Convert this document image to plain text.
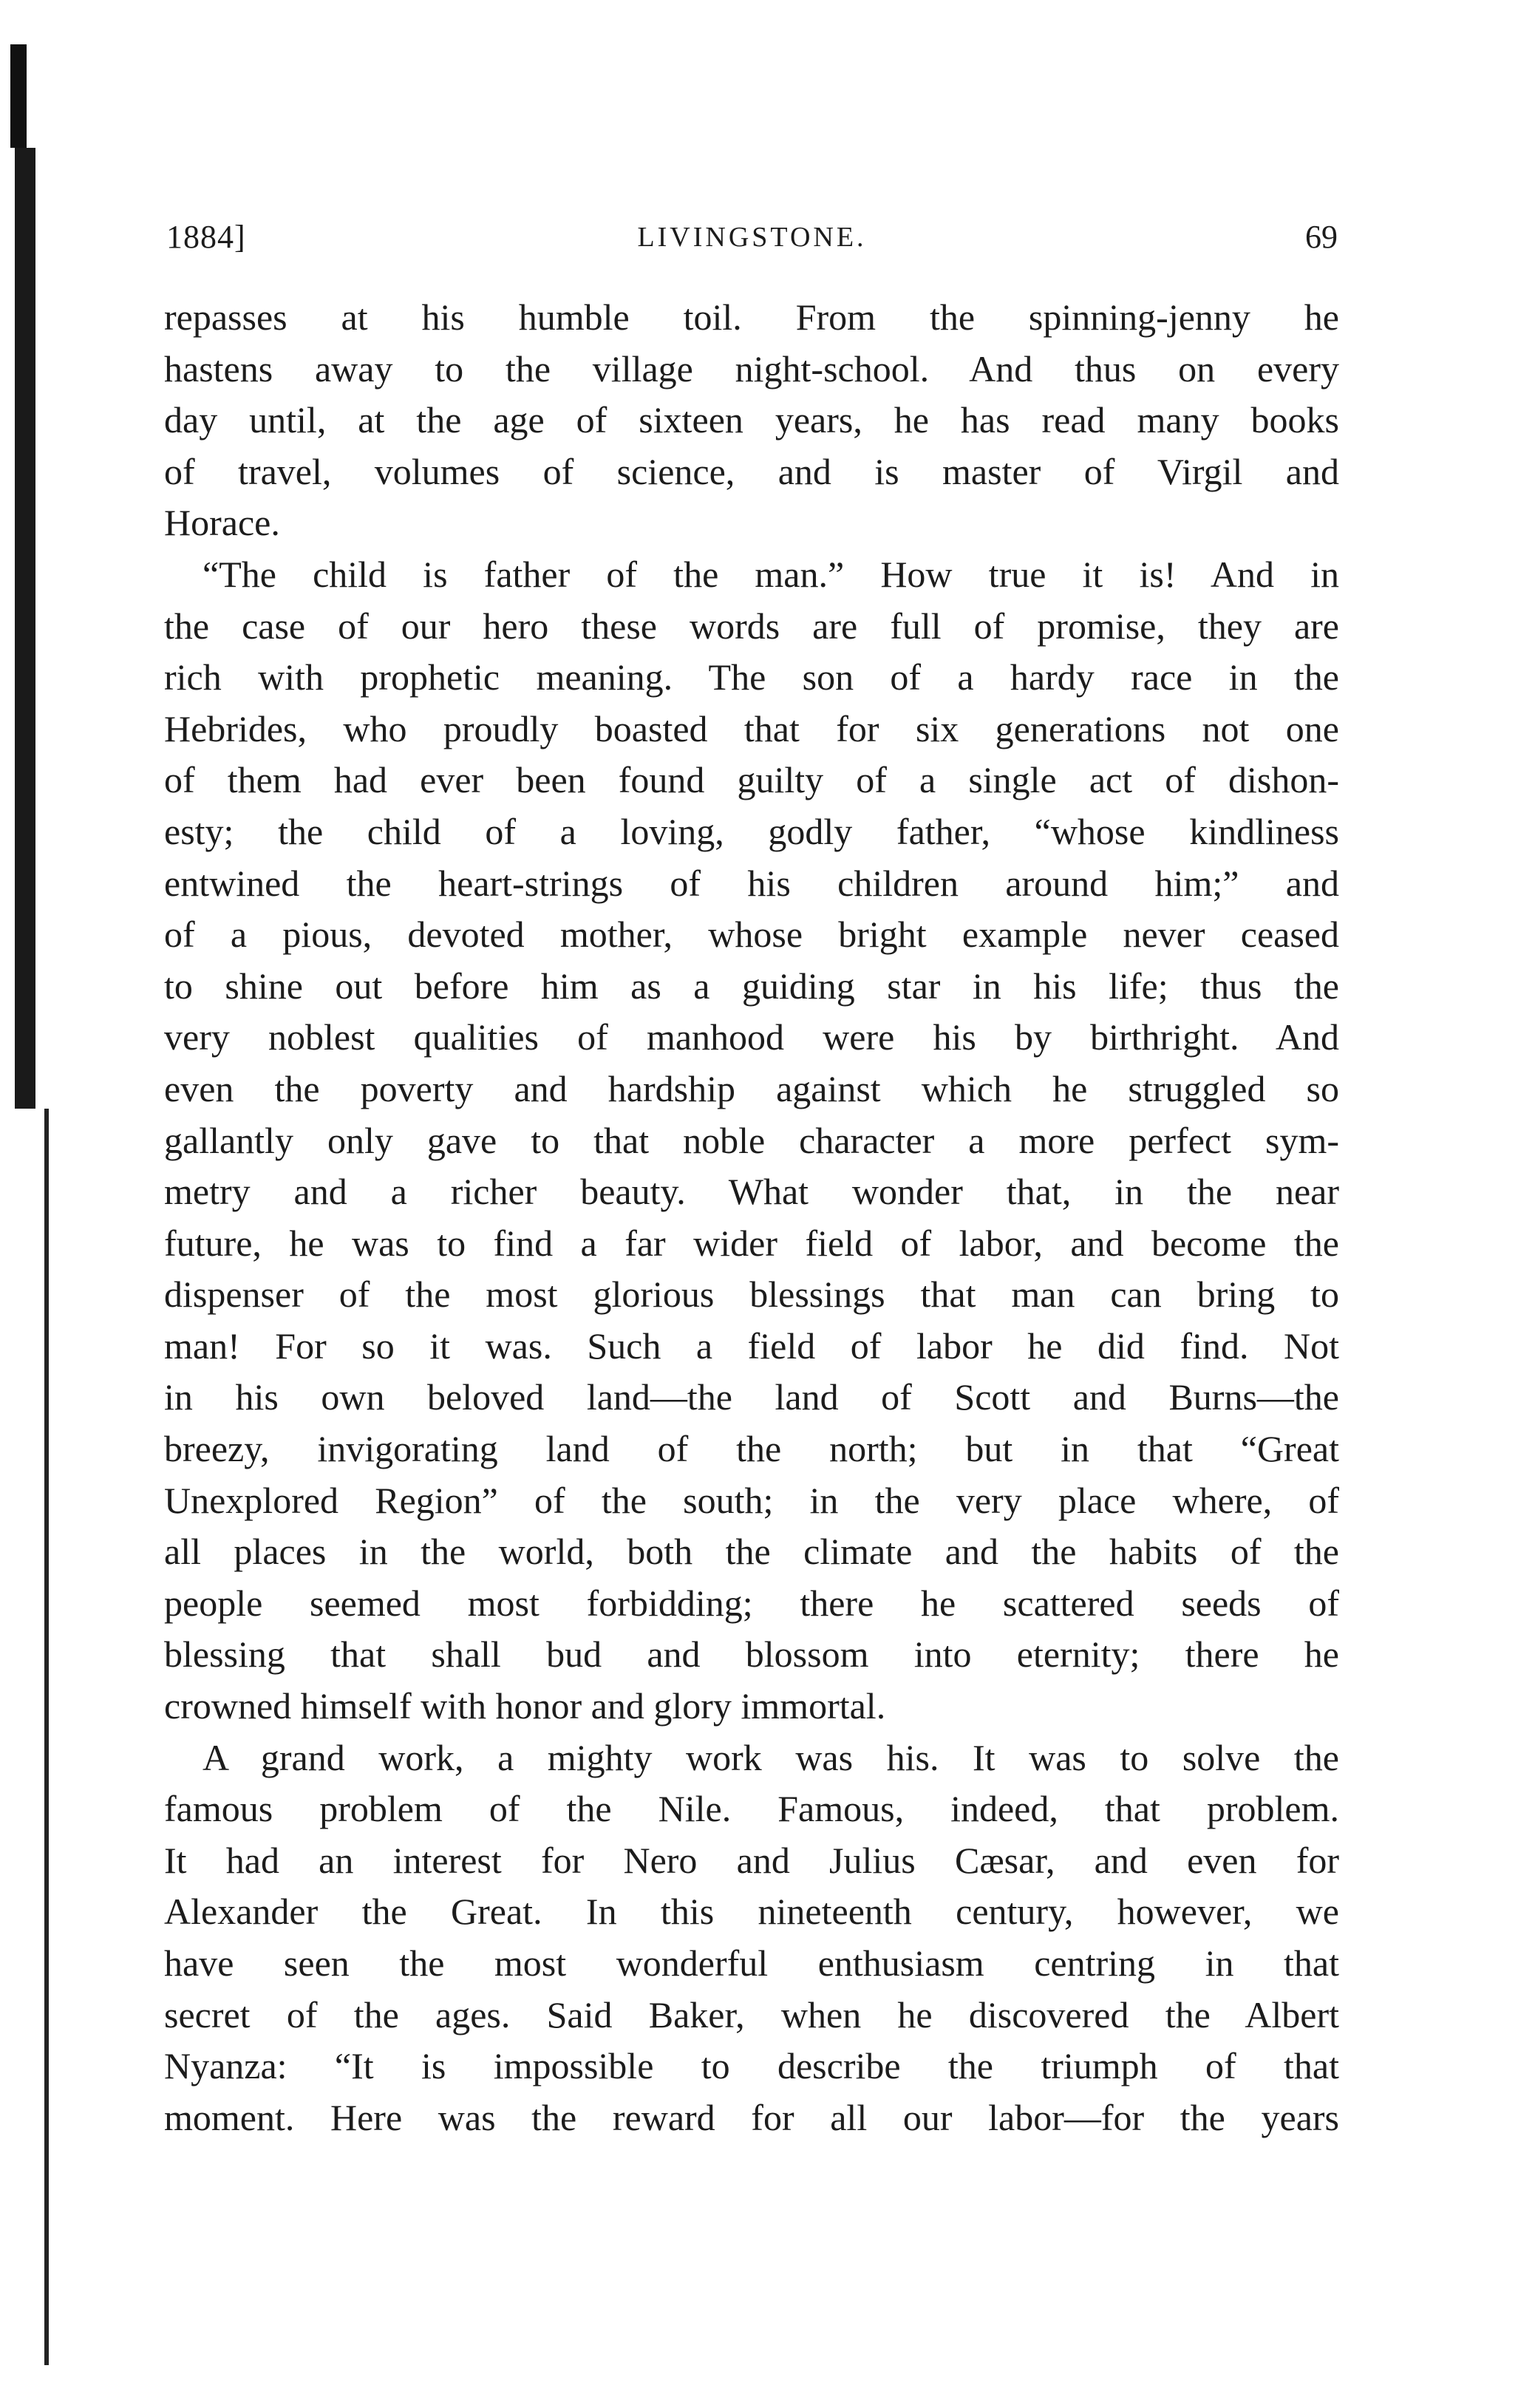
1884]	LIVINGSTONE.	69
repasses at his humble toil. From the spinning-jenny he
hastens away to the village night-school. And thus on every
day until, at the age of sixteen years, he has read many books
of travel, volumes of science, and is master of Virgil and
Horace.
“The child is father of the man.” How true it is! And in
the case of our hero these words are full of promise, they are
rich with prophetic meaning. The son of a hardy race in the
Hebrides, who proudly boasted that for six generations not one
of them had ever been found guilty of a single act of dishon-
esty; the child of a loving, godly father, “whose kindliness
entwined the heart-strings of his children around him;” and
of a pious, devoted mother, whose bright example never ceased
to shine out before him as a guiding star in his life; thus the
very noblest qualities of manhood were his by birthright. And
even the poverty and hardship against which he struggled so
gallantly only gave to that noble character a more perfect sym-
metry and a richer beauty. What wonder that, in the near
future, he was to find a far wider field of labor, and become the
dispenser of the most glorious blessings that man can bring to
man! For so it was. Such a field of labor he did find. Not
in his own beloved land—the land of Scott and Burns—the
breezy, invigorating land of the north; but in that “Great
Unexplored Region” of the south; in the very place where, of
all places in the world, both the climate and the habits of the
people seemed most forbidding; there he scattered seeds of
blessing that shall bud and blossom into eternity; there he
crowned himself with honor and glory immortal.
A grand work, a mighty work was his. It was to solve the
famous problem of the Nile. Famous, indeed, that problem.
It had an interest for Nero and Julius Cæsar, and even for
Alexander the Great. In this nineteenth century, however, we
have seen the most wonderful enthusiasm centring in that
secret of the ages. Said Baker, when he discovered the Albert
Nyanza: “It is impossible to describe the triumph of that
moment. Here was the reward for all our labor—for the years
